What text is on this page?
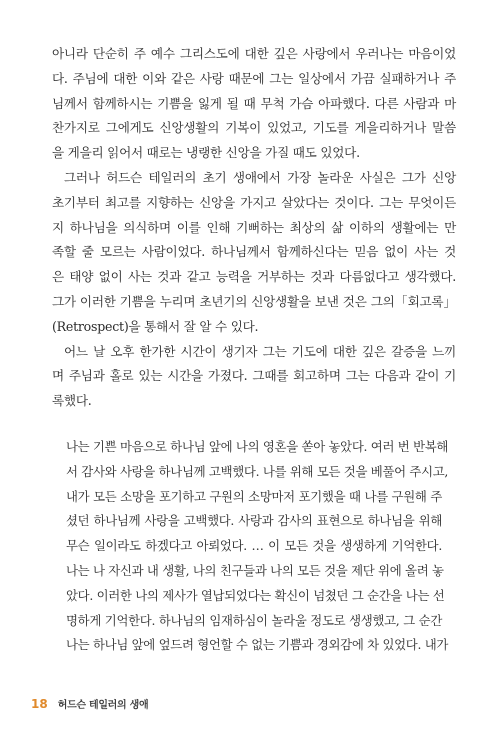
아니라 단순히 주 예수 그리스도에 대한 깊은 사랑에서 우러나는 마음이었
다. 주님에 대한 이와 같은 사랑 때문에 그는 일상에서 가끔 실패하거나 주
님께서 함께하시는 기쁨을 잃게 될 때 무척 가슴 아파했다. 다른 사람과 마
찬가지로 그에게도 신앙생활의 기복이 있었고, 기도를 게을리하거나 말씀
을 게을리 읽어서 때로는 냉랭한 신앙을 가질 때도 있었다.
그러나 허드슨 테일러의 초기 생애에서 가장 놀라운 사실은 그가 신앙
초기부터 최고를 지향하는 신앙을 가지고 살았다는 것이다. 그는 무엇이든
지 하나님을 의식하며 이를 인해 기뻐하는 최상의 삶 이하의 생활에는 만
족할 줄 모르는 사람이었다. 하나님께서 함께하신다는 믿음 없이 사는 것
은 태양 없이 사는 것과 같고 능력을 거부하는 것과 다름없다고 생각했다.
그가 이러한 기쁨을 누리며 초년기의 신앙생활을 보낸 것은 그의「회고록」
(Retrospect)을 통해서 잘 알 수 있다.
어느 날 오후 한가한 시간이 생기자 그는 기도에 대한 깊은 갈증을 느끼
며 주님과 홀로 있는 시간을 가졌다. 그때를 회고하며 그는 다음과 같이 기
록했다.
나는 기쁜 마음으로 하나님 앞에 나의 영혼을 쏟아 놓았다. 여러 번 반복해
서 감사와 사랑을 하나님께 고백했다. 나를 위해 모든 것을 베풀어 주시고,
내가 모든 소망을 포기하고 구원의 소망마저 포기했을 때 나를 구원해 주
셨던 하나님께 사랑을 고백했다. 사랑과 감사의 표현으로 하나님을 위해
무슨 일이라도 하겠다고 아뢰었다. … 이 모든 것을 생생하게 기억한다.
나는 나 자신과 내 생활, 나의 친구들과 나의 모든 것을 제단 위에 올려 놓
았다. 이러한 나의 제사가 열납되었다는 확신이 넘쳤던 그 순간을 나는 선
명하게 기억한다. 하나님의 임재하심이 놀라울 정도로 생생했고, 그 순간
나는 하나님 앞에 엎드려 형언할 수 없는 기쁨과 경외감에 차 있었다. 내가
18 허드슨 테일러의 생애
